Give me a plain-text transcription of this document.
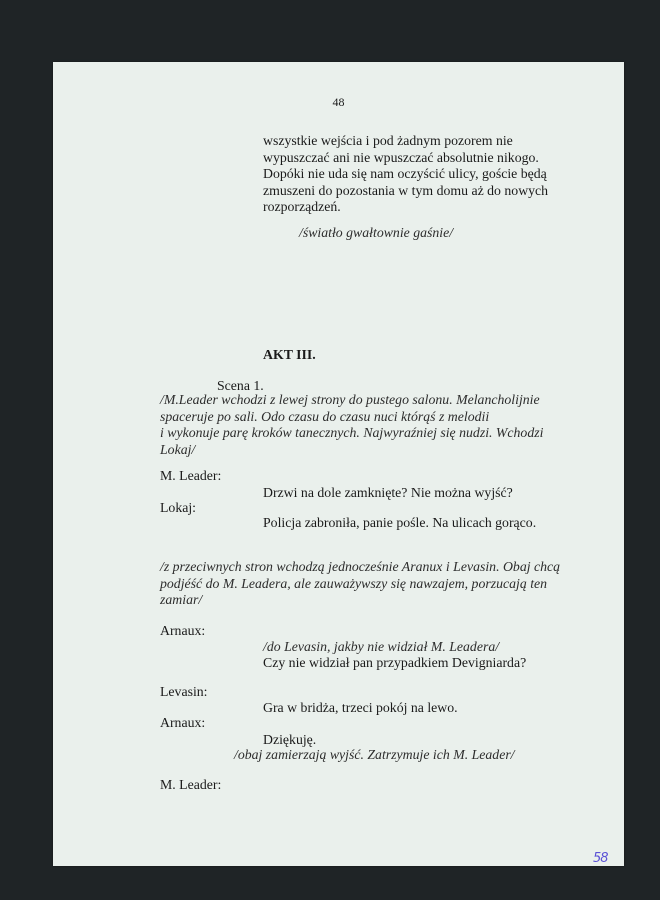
48
wszystkie wejścia i pod żadnym pozorem nie
wypuszczać ani nie wpuszczać absolutnie nikogo.
Dopóki nie uda się nam oczyścić ulicy, goście będą
zmuszeni do pozostania w tym domu aż do nowych
rozporządzeń.
/światło gwałtownie gaśnie/
AKT III.
Scena 1.
/M.Leader wchodzi z lewej strony do pustego salonu. Melancholijnie
spaceruje po sali. Odo czasu do czasu nuci którąś z melodii
i wykonuje parę kroków tanecznych. Najwyraźniej się nudzi. Wchodzi
Lokaj/
M. Leader:
Drzwi na dole zamknięte? Nie można wyjść?
Lokaj:
Policja zabroniła, panie pośle. Na ulicach gorąco.
/z przeciwnych stron wchodzą jednocześnie Aranux i Levasin. Obaj chcą
podjéść do M. Leadera, ale zauważywszy się nawzajem, porzucają ten
zamiar/
Arnaux:
/do Levasin, jakby nie widział M. Leadera/
Czy nie widział pan przypadkiem Devigniarda?
Levasin:
Gra w bridża, trzeci pokój na lewo.
Arnaux:
Dziękuję.
/obaj zamierzają wyjść. Zatrzymuje ich M. Leader/
M. Leader:
58
